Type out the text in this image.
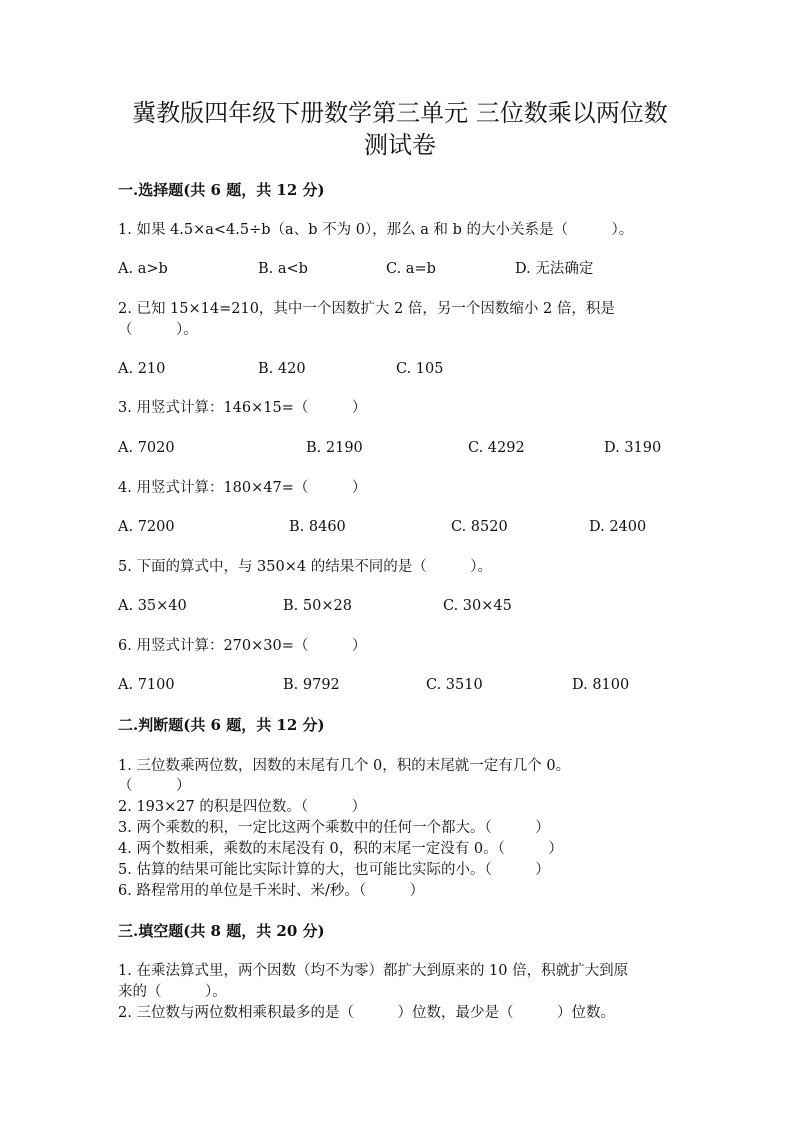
冀教版四年级下册数学第三单元 三位数乘以两位数
测试卷
一.选择题(共 6 题，共 12 分)
1. 如果 4.5×a<4.5÷b（a、b 不为 0），那么 a 和 b 的大小关系是（　　　）。
A. a>b	B. a<b	C. a=b	D. 无法确定
2. 已知 15×14=210，其中一个因数扩大 2 倍，另一个因数缩小 2 倍，积是
（　　　）。
A. 210	B. 420	C. 105
3. 用竖式计算：146×15=（　　　）
A. 7020	B. 2190	C. 4292	D. 3190
4. 用竖式计算：180×47=（　　　）
A. 7200	B. 8460	C. 8520	D. 2400
5. 下面的算式中，与 350×4 的结果不同的是（　　　）。
A. 35×40	B. 50×28	C. 30×45
6. 用竖式计算：270×30=（　　　）
A. 7100	B. 9792	C. 3510	D. 8100
二.判断题(共 6 题，共 12 分)
1. 三位数乘两位数，因数的末尾有几个 0，积的末尾就一定有几个 0。
（　　　）
2. 193×27 的积是四位数。（　　　）
3. 两个乘数的积，一定比这两个乘数中的任何一个都大。（　　　）
4. 两个数相乘，乘数的末尾没有 0，积的末尾一定没有 0。（　　　）
5. 估算的结果可能比实际计算的大，也可能比实际的小。（　　　）
6. 路程常用的单位是千米时、米/秒。（　　　）
三.填空题(共 8 题，共 20 分)
1. 在乘法算式里，两个因数（均不为零）都扩大到原来的 10 倍，积就扩大到原
来的（　　　）。
2. 三位数与两位数相乘积最多的是（　　　）位数，最少是（　　　）位数。
